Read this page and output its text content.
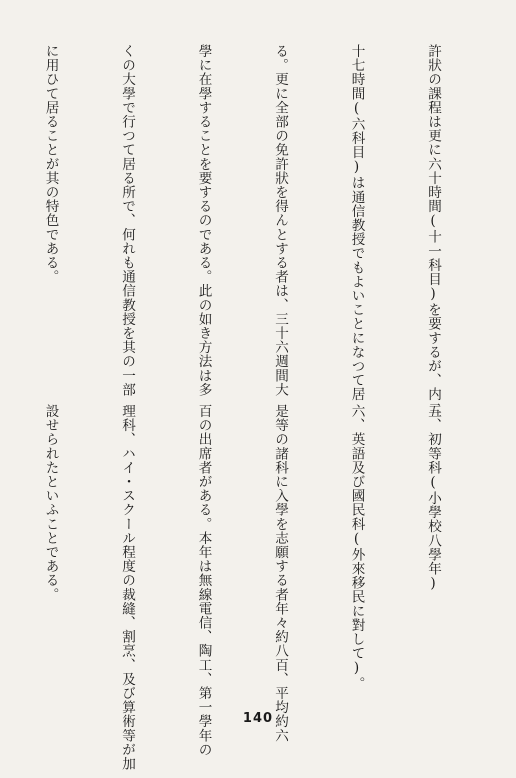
許狀の課程は更に六十時間(十一科目)を要するが、内二

十七時間(六科目)は通信教授でもよいことになつて居

る。更に全部の免許狀を得んとする者は、三十六週間大

學に在學することを要するのである。此の如き方法は多

くの大學で行つて居る所で、何れも通信教授を其の一部

に用ひて居ることが其の特色である。

五、初等科(小學校八學年)

六、英語及び國民科(外來移民に對して)。

是等の諸科に入學を志願する者年々約八百、平均約六

百の出席者がある。本年は無線電信、陶工、第一學年の

理科、ハイ・スクール程度の裁縫、割烹、及び算術等が加

設せられたといふことである。

140
